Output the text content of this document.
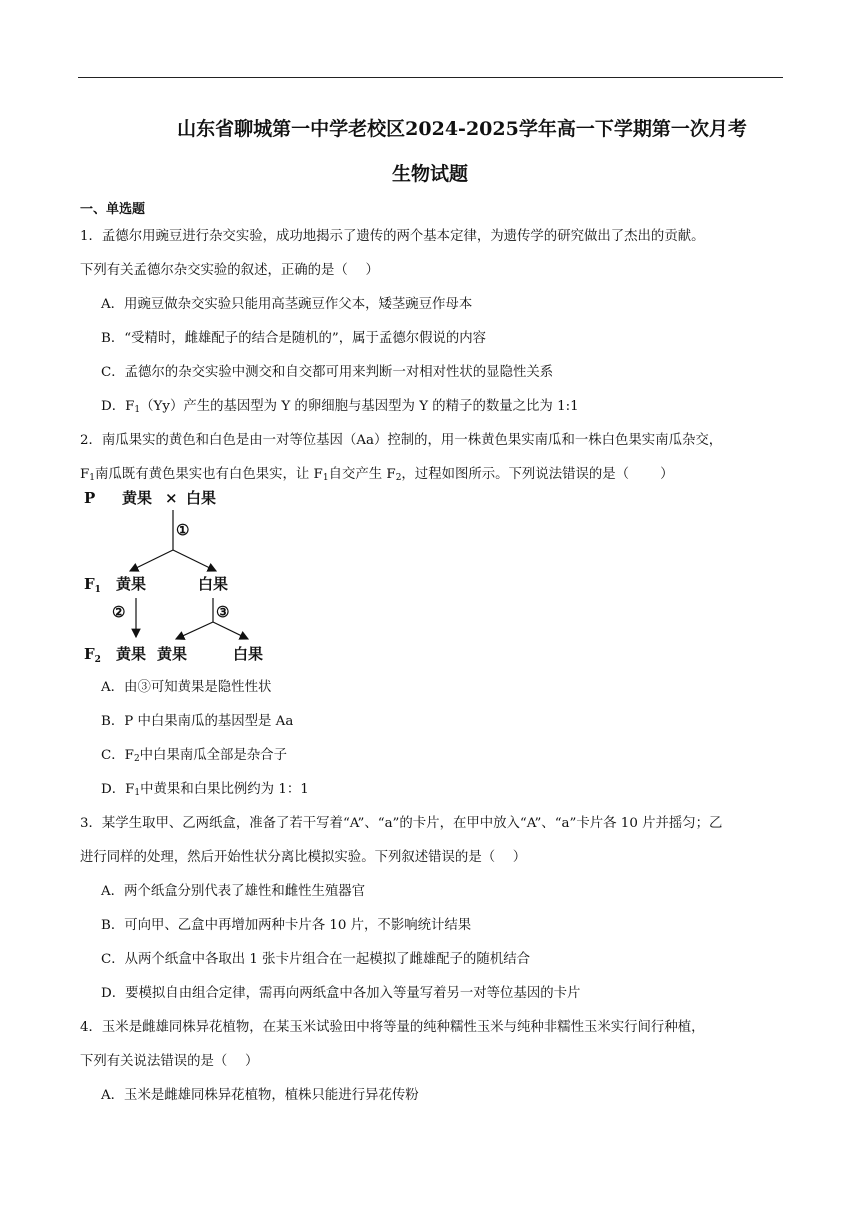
山东省聊城第一中学老校区2024-2025学年高一下学期第一次月考
生物试题
一、单选题
1．孟德尔用豌豆进行杂交实验，成功地揭示了遗传的两个基本定律，为遗传学的研究做出了杰出的贡献。
下列有关孟德尔杂交实验的叙述，正确的是（　 ）
A．用豌豆做杂交实验只能用高茎豌豆作父本，矮茎豌豆作母本
B．“受精时，雌雄配子的结合是随机的”，属于孟德尔假说的内容
C．孟德尔的杂交实验中测交和自交都可用来判断一对相对性状的显隐性关系
D．$F_1(Yy)$产生的基因型为 Y 的卵细胞与基因型为 Y 的精子的数量之比为 1:1
2．南瓜果实的黄色和白色是由一对等位基因（Aa）控制的，用一株黄色果实南瓜和一株白色果实南瓜杂交，
$F_1$南瓜既有黄色果实也有白色果实，让 $F_1$自交产生 $F_2$，过程如图所示。下列说法错误的是（　　 ）
P 黄果 × 白果
①
$F_1$ 黄果	白果
②	③
$F_2$ 黄果 黄果	白果
A．由③可知黄果是隐性性状
B．P 中白果南瓜的基因型是 Aa
C．$F_2$中白果南瓜全部是杂合子
D．$F_1$中黄果和白果比例约为 1：1
3．某学生取甲、乙两纸盒，准备了若干写着“A”、“a”的卡片，在甲中放入“A”、“a”卡片各 10 片并摇匀；乙
进行同样的处理，然后开始性状分离比模拟实验。下列叙述错误的是（　 ）
A．两个纸盒分别代表了雄性和雌性生殖器官
B．可向甲、乙盒中再增加两种卡片各 10 片，不影响统计结果
C．从两个纸盒中各取出 1 张卡片组合在一起模拟了雌雄配子的随机结合
D．要模拟自由组合定律，需再向两纸盒中各加入等量写着另一对等位基因的卡片
4．玉米是雌雄同株异花植物，在某玉米试验田中将等量的纯种糯性玉米与纯种非糯性玉米实行间行种植，
下列有关说法错误的是（　 ）
A．玉米是雌雄同株异花植物，植株只能进行异花传粉
